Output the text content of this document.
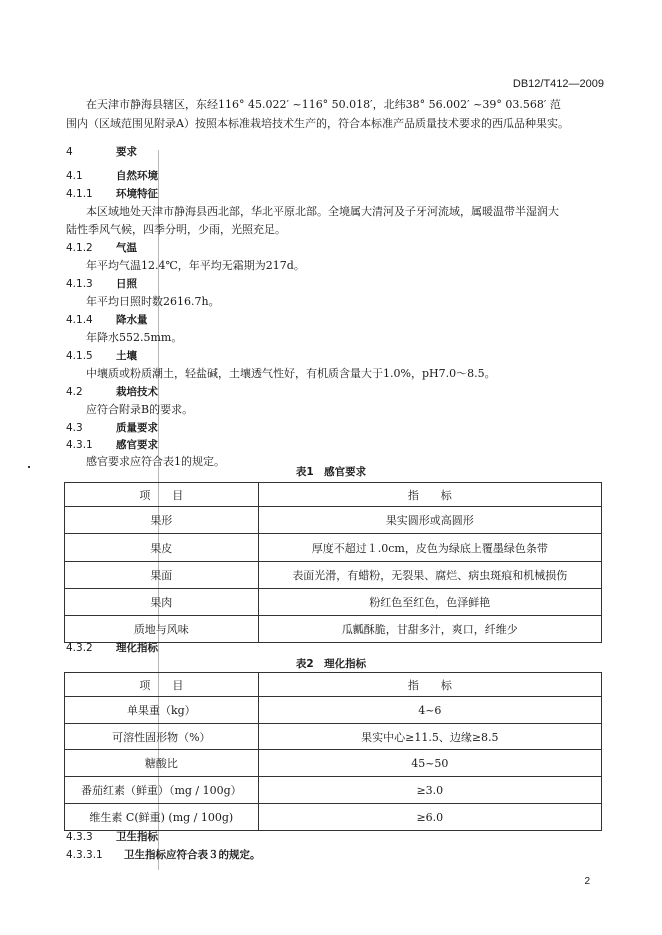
DB12/T412—2009
在天津市静海县辖区，东经116° 45.022′ ~116° 50.018′，北纬38° 56.002′ ~39° 03.568′ 范
围内（区域范围见附录A）按照本标准栽培技术生产的，符合本标准产品质量技术要求的西瓜品种果实。
4	要求
4.1	自然环境
4.1.1 环境特征
本区域地处天津市静海县西北部，华北平原北部。全境属大清河及子牙河流域，属暖温带半湿润大
陆性季风气候，四季分明，少雨，光照充足。
4.1.2 气温
年平均气温12.4℃，年平均无霜期为217d。
4.1.3 日照
年平均日照时数2616.7h。
4.1.4 降水量
年降水552.5mm。
4.1.5 土壤
中壤质或粉质潮土，轻盐碱，土壤透气性好，有机质含量大于1.0%，pH7.0～8.5。
4.2	栽培技术
应符合附录B的要求。
4.3	质量要求
4.3.1 感官要求
感官要求应符合表1的规定。
表1　感官要求
项　　目	指　　标
果形	果实圆形或高圆形
果皮	厚度不超过１.0cm，皮色为绿底上覆墨绿色条带
果面	表面光滑，有蜡粉，无裂果、腐烂、病虫斑痕和机械损伤
果肉	粉红色至红色，色泽鲜艳
质地与风味	瓜瓤酥脆，甘甜多汁，爽口，纤维少
4.3.2 理化指标
表2　理化指标
项　　目	指　　标
单果重（kg）	4~6
可溶性固形物（%）	果实中心≥11.5、边缘≥8.5
糖酸比	45~50
番茄红素（鲜重）（mg / 100g）	≥3.0
维生素 C(鲜重) (mg / 100g)	≥6.0
4.3.3 卫生指标
4.3.3.1 卫生指标应符合表３的规定。
2
